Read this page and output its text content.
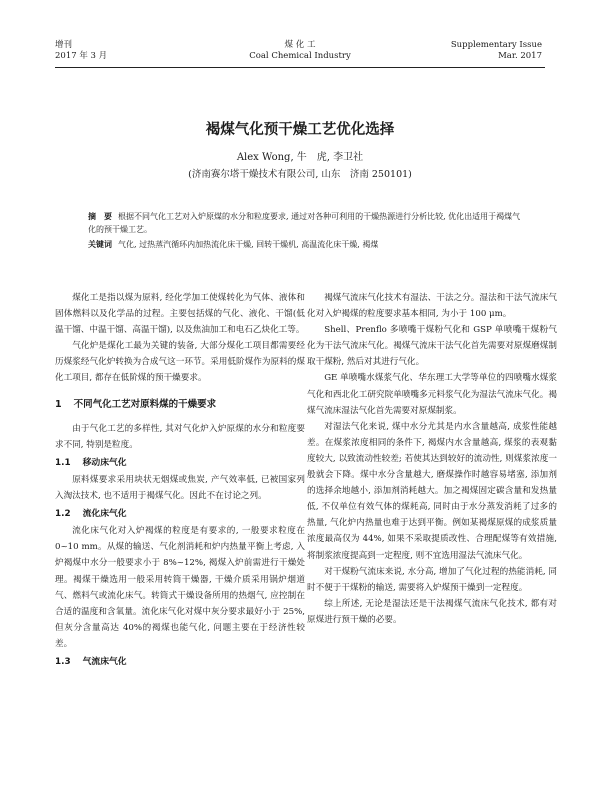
增刊
2017 年 3 月
煤 化 工
Coal Chemical Industry
Supplementary Issue
Mar. 2017
褐煤气化预干燥工艺优化选择
Alex Wong, 牛　虎, 李卫社
(济南赛尔塔干燥技术有限公司, 山东　济南 250101)
摘　要 根据不同气化工艺对入炉原煤的水分和粒度要求, 通过对各种可利用的干燥热源进行分析比较, 优化出适用于褐煤气化的预干燥工艺。
关键词 气化, 过热蒸汽循环内加热流化床干燥, 回转干燥机, 高温流化床干燥, 褐煤

煤化工是指以煤为原料, 经化学加工使煤转化为气体、液体和固体燃料以及化学品的过程。主要包括煤的气化、液化、干馏(低温干馏、中温干馏、高温干馏), 以及焦油加工和电石乙炔化工等。

气化炉是煤化工最为关键的装备, 大部分煤化工项目都需要经历煤浆经气化炉转换为合成气这一环节。采用低阶煤作为原料的煤化工项目, 都存在低阶煤的预干燥要求。

1 不同气化工艺对原料煤的干燥要求

由于气化工艺的多样性, 其对气化炉入炉原煤的水分和粒度要求不同, 特别是粒度。

1.1 移动床气化

原料煤要求采用块状无烟煤或焦炭, 产气效率低, 已被国家列入淘汰技术, 也不适用于褐煤气化。因此不在讨论之列。

1.2 流化床气化

流化床气化对入炉褐煤的粒度是有要求的, 一般要求粒度在 0~10 mm。从煤的输送、气化剂消耗和炉内热量平衡上考虑, 入炉褐煤中水分一般要求小于 8%~12%, 褐煤入炉前需进行干燥处理。褐煤干燥选用一般采用转筒干燥器, 干燥介质采用锅炉烟道气、燃料气或流化床气。转筒式干燥设备所用的热烟气, 应控制在合适的温度和含氧量。流化床气化对煤中灰分要求最好小于 25%, 但灰分含量高达 40%的褐煤也能气化, 问题主要在于经济性较差。

1.3 气流床气化

褐煤气流床气化技术有湿法、干法之分。湿法和干法气流床气化对入炉褐煤的粒度要求基本相同, 为小于 100 μm。

Shell、Prenflo 多喷嘴干煤粉气化和 GSP 单喷嘴干煤粉气化为干法气流床气化。褐煤气流床干法气化首先需要对原煤磨煤制取干煤粉, 然后对其进行气化。

GE 单喷嘴水煤浆气化、华东理工大学等单位的四喷嘴水煤浆气化和西北化工研究院单喷嘴多元料浆气化为湿法气流床气化。褐煤气流床湿法气化首先需要对原煤制浆。

对湿法气化来说, 煤中水分尤其是内水含量越高, 成浆性能越差。在煤浆浓度相同的条件下, 褐煤内水含量越高, 煤浆的表观黏度较大, 以致流动性较差; 若使其达到较好的流动性, 则煤浆浓度一般就会下降。煤中水分含量越大, 磨煤操作时越容易堵塞, 添加剂的选择余地越小, 添加剂消耗越大。加之褐煤固定碳含量和发热量低, 不仅单位有效气体的煤耗高, 同时由于水分蒸发消耗了过多的热量, 气化炉内热量也难于达到平衡。例如某褐煤原煤的成浆质量浓度最高仅为 44%, 如果不采取提质改性、合理配煤等有效措施, 将制浆浓度提高到一定程度, 则不宜选用湿法气流床气化。

对干煤粉气流床来说, 水分高, 增加了气化过程的热能消耗, 同时不便于干煤粉的输送, 需要将入炉煤预干燥到一定程度。

综上所述, 无论是湿法还是干法褐煤气流床气化技术, 都有对原煤进行预干燥的必要。
